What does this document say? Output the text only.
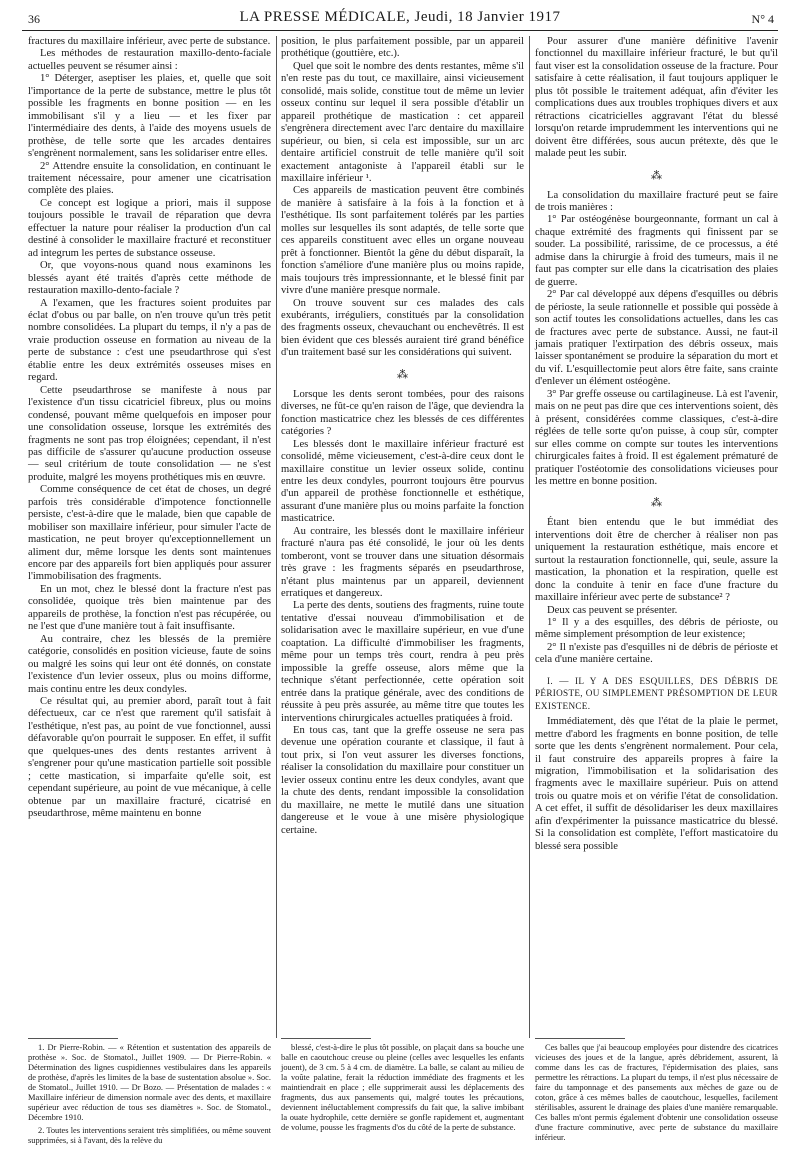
36	LA PRESSE MÉDICALE, Jeudi, 18 Janvier 1917	N° 4

fractures du maxillaire inférieur, avec perte de substance.

Les méthodes de restauration maxillo-dento-faciale actuelles peuvent se résumer ainsi :

1° Déterger, aseptiser les plaies, et, quelle que soit l'importance de la perte de substance, mettre le plus tôt possible les fragments en bonne position — en les immobilisant s'il y a lieu — et les fixer par l'intermédiaire des dents, à l'aide des moyens usuels de prothèse, de telle sorte que les arcades dentaires s'engrènent normalement, sans les solidariser entre elles.

2° Attendre ensuite la consolidation, en continuant le traitement nécessaire, pour amener une cicatrisation complète des plaies.

Ce concept est logique a priori, mais il suppose toujours possible le travail de réparation que devra effectuer la nature pour réaliser la production d'un cal destiné à consolider le maxillaire fracturé et reconstituer ad integrum les pertes de substance osseuse.

Or, que voyons-nous quand nous examinons les blessés ayant été traités d'après cette méthode de restauration maxillo-dento-faciale ?

A l'examen, que les fractures soient produites par éclat d'obus ou par balle, on n'en trouve qu'un très petit nombre consolidées. La plupart du temps, il n'y a pas de vraie production osseuse en formation au niveau de la perte de substance : c'est une pseudarthrose qui s'est établie entre les deux extrémités osseuses mises en regard.

Cette pseudarthrose se manifeste à nous par l'existence d'un tissu cicatriciel fibreux, plus ou moins condensé, pouvant même quelquefois en imposer pour une consolidation osseuse, lorsque les extrémités des fragments ne sont pas trop éloignées; cependant, il n'est pas difficile de s'assurer qu'aucune production osseuse — seul critérium de toute consolidation — ne s'est produite, malgré les moyens prothétiques mis en œuvre.

Comme conséquence de cet état de choses, un degré parfois très considérable d'impotence fonctionnelle persiste, c'est-à-dire que le malade, bien que capable de mobiliser son maxillaire inférieur, pour simuler l'acte de mastication, ne peut broyer qu'exceptionnellement un aliment dur, même lorsque les dents sont maintenues encore par des appareils fort bien appliqués pour assurer l'immobilisation des fragments.

En un mot, chez le blessé dont la fracture n'est pas consolidée, quoique très bien maintenue par des appareils de prothèse, la fonction n'est pas récupérée, ou ne l'est que d'une manière tout à fait insuffisante.

Au contraire, chez les blessés de la première catégorie, consolidés en position vicieuse, faute de soins ou malgré les soins qui leur ont été donnés, on constate l'existence d'un levier osseux, plus ou moins difforme, mais continu entre les deux condyles.

Ce résultat qui, au premier abord, paraît tout à fait défectueux, car ce n'est que rarement qu'il satisfait à l'esthétique, n'est pas, au point de vue fonctionnel, aussi défavorable qu'on pourrait le supposer. En effet, il suffit que quelques-unes des dents restantes arrivent à s'engrener pour qu'une mastication partielle soit possible ; cette mastication, si imparfaite qu'elle soit, est cependant supérieure, au point de vue mécanique, à celle obtenue par un maxillaire fracturé, cicatrisé en pseudarthrose, même maintenu en bonne

position, le plus parfaitement possible, par un appareil prothétique (gouttière, etc.).

Quel que soit le nombre des dents restantes, même s'il n'en reste pas du tout, ce maxillaire, ainsi vicieusement consolidé, mais solide, constitue tout de même un levier osseux continu sur lequel il sera possible d'établir un appareil prothétique de mastication : cet appareil s'engrènera directement avec l'arc dentaire du maxillaire supérieur, ou bien, si cela est impossible, sur un arc dentaire artificiel construit de telle manière qu'il soit exactement antagoniste à l'appareil établi sur le maxillaire inférieur ¹.

Ces appareils de mastication peuvent être combinés de manière à satisfaire à la fois à la fonction et à l'esthétique. Ils sont parfaitement tolérés par les parties molles sur lesquelles ils sont adaptés, de telle sorte que ces appareils constituent avec elles un organe nouveau prêt à fonctionner. Bientôt la gêne du début disparaît, la fonction s'améliore d'une manière plus ou moins rapide, mais toujours très impressionnante, et le blessé finit par vivre d'une manière presque normale.

On trouve souvent sur ces malades des cals exubérants, irréguliers, constitués par la consolidation des fragments osseux, chevauchant ou enchevêtrés. Il est bien évident que ces blessés auraient tiré grand bénéfice d'un traitement basé sur les considérations qui suivent.

⁂

Lorsque les dents seront tombées, pour des raisons diverses, ne fût-ce qu'en raison de l'âge, que deviendra la fonction masticatrice chez les blessés de ces différentes catégories ?

Les blessés dont le maxillaire inférieur fracturé est consolidé, même vicieusement, c'est-à-dire ceux dont le maxillaire constitue un levier osseux solide, continu entre les deux condyles, pourront toujours être pourvus d'un appareil de prothèse fonctionnelle et esthétique, assurant d'une manière plus ou moins parfaite la fonction masticatrice.

Au contraire, les blessés dont le maxillaire inférieur fracturé n'aura pas été consolidé, le jour où les dents tomberont, vont se trouver dans une situation désormais très grave : les fragments séparés en pseudarthrose, n'étant plus maintenus par un appareil, deviennent erratiques et dangereux.

La perte des dents, soutiens des fragments, ruine toute tentative d'essai nouveau d'immobilisation et de solidarisation avec le maxillaire supérieur, en vue d'une coaptation. La difficulté d'immobiliser les fragments, même pour un temps très court, rendra à peu près impossible la greffe osseuse, alors même que la technique s'étant perfectionnée, cette opération soit entrée dans la pratique générale, avec des conditions de réussite à peu près assurée, au même titre que toutes les interventions chirurgicales actuelles pratiquées à froid.

En tous cas, tant que la greffe osseuse ne sera pas devenue une opération courante et classique, il faut à tout prix, si l'on veut assurer les diverses fonctions, réaliser la consolidation du maxillaire pour constituer un levier osseux continu entre les deux condyles, avant que la chute des dents, rendant impossible la consolidation du maxillaire, ne mette le mutilé dans une situation dangereuse et le voue à une misère physiologique certaine.

Pour assurer d'une manière définitive l'avenir fonctionnel du maxillaire inférieur fracturé, le but qu'il faut viser est la consolidation osseuse de la fracture. Pour satisfaire à cette réalisation, il faut toujours appliquer le plus tôt possible le traitement adéquat, afin d'éviter les complications dues aux troubles trophiques divers et aux rétractions cicatricielles aggravant l'état du blessé lorsqu'on retarde imprudemment les interventions qui ne doivent être différées, sous aucun prétexte, dès que le malade peut les subir.

⁂

La consolidation du maxillaire fracturé peut se faire de trois manières :

1° Par ostéogénèse bourgeonnante, formant un cal à chaque extrémité des fragments qui finissent par se souder. La possibilité, rarissime, de ce processus, a été admise dans la chirurgie à froid des tumeurs, mais il ne faut pas compter sur elle dans la cicatrisation des plaies de guerre.

2° Par cal développé aux dépens d'esquilles ou débris de périoste, la seule rationnelle et possible qui possède à son actif toutes les consolidations actuelles, dans les cas de fractures avec perte de substance. Aussi, ne faut-il jamais pratiquer l'extirpation des débris osseux, mais laisser spontanément se produire la séparation du mort et du vif. L'esquillectomie peut alors être faite, sans crainte d'enlever un élément ostéogène.

3° Par greffe osseuse ou cartilagineuse. Là est l'avenir, mais on ne peut pas dire que ces interventions soient, dès à présent, considérées comme classiques, c'est-à-dire réglées de telle sorte qu'on puisse, à coup sûr, compter sur elles comme on compte sur toutes les interventions chirurgicales faites à froid. Il est également prématuré de pratiquer l'ostéotomie des consolidations vicieuses pour les mettre en bonne position.

⁂

Étant bien entendu que le but immédiat des interventions doit être de chercher à réaliser non pas uniquement la restauration esthétique, mais encore et surtout la restauration fonctionnelle, qui, seule, assure la mastication, la phonation et la respiration, quelle est donc la conduite à tenir en face d'une fracture du maxillaire inférieur avec perte de substance² ?

Deux cas peuvent se présenter.

1° Il y a des esquilles, des débris de périoste, ou même simplement présomption de leur existence;

2° Il n'existe pas d'esquilles ni de débris de périoste et cela d'une manière certaine.

I. — IL Y A DES ESQUILLES, DES DÉBRIS DE PÉRIOSTE, OU SIMPLEMENT PRÉSOMPTION DE LEUR EXISTENCE.

Immédiatement, dès que l'état de la plaie le permet, mettre d'abord les fragments en bonne position, de telle sorte que les dents s'engrènent normalement. Pour cela, il faut construire des appareils propres à faire la migration, l'immobilisation et la solidarisation des fragments avec le maxillaire supérieur. Puis on attend trois ou quatre mois et on vérifie l'état de consolidation. A cet effet, il suffit de désolidariser les deux maxillaires afin d'expérimenter la puissance masticatrice du blessé. Si la consolidation est complète, l'effort masticatoire du blessé sera possible

1. Dr Pierre-Robin. — « Rétention et sustentation des appareils de prothèse ». Soc. de Stomatol., Juillet 1909. — Dr Pierre-Robin. « Détermination des lignes cuspidiennes vestibulaires dans les appareils de prothèse, d'après les limites de la base de sustentation absolue ». Soc. de Stomatol., Juillet 1910. — Dr Bozo. — Présentation de malades : « Maxillaire inférieur de dimension normale avec des dents, et maxillaire supérieur avec réduction de tous ses diamètres ». Soc. de Stomatol., Décembre 1910.

2. Toutes les interventions seraient très simplifiées, ou même souvent supprimées, si à l'avant, dès la relève du

blessé, c'est-à-dire le plus tôt possible, on plaçait dans sa bouche une balle en caoutchouc creuse ou pleine (celles avec lesquelles les enfants jouent), de 3 cm. 5 à 4 cm. de diamètre. La balle, se calant au milieu de la voûte palatine, ferait la réduction immédiate des fragments et les maintiendrait en place ; elle supprimerait aussi les déplacements des fragments, dus aux pansements qui, malgré toutes les précautions, deviennent inéluctablement compressifs du fait que, la salive imbibant la ouate hydrophile, cette dernière se gonfle rapidement et, augmentant de volume, pousse les fragments d'os du côté de la perte de substance.

Ces balles que j'ai beaucoup employées pour distendre des cicatrices vicieuses des joues et de la langue, après débridement, assurent, là comme dans les cas de fractures, l'épidermisation des plaies, sans permettre les rétractions. La plupart du temps, il n'est plus nécessaire de faire du tamponnage et des pansements aux mèches de gaze ou de coton, grâce à ces mêmes balles de caoutchouc, lesquelles, facilement stérilisables, assurent le drainage des plaies d'une manière remarquable. Ces balles m'ont permis également d'obtenir une consolidation osseuse d'une fracture comminutive, avec perte de substance du maxillaire inférieur.
